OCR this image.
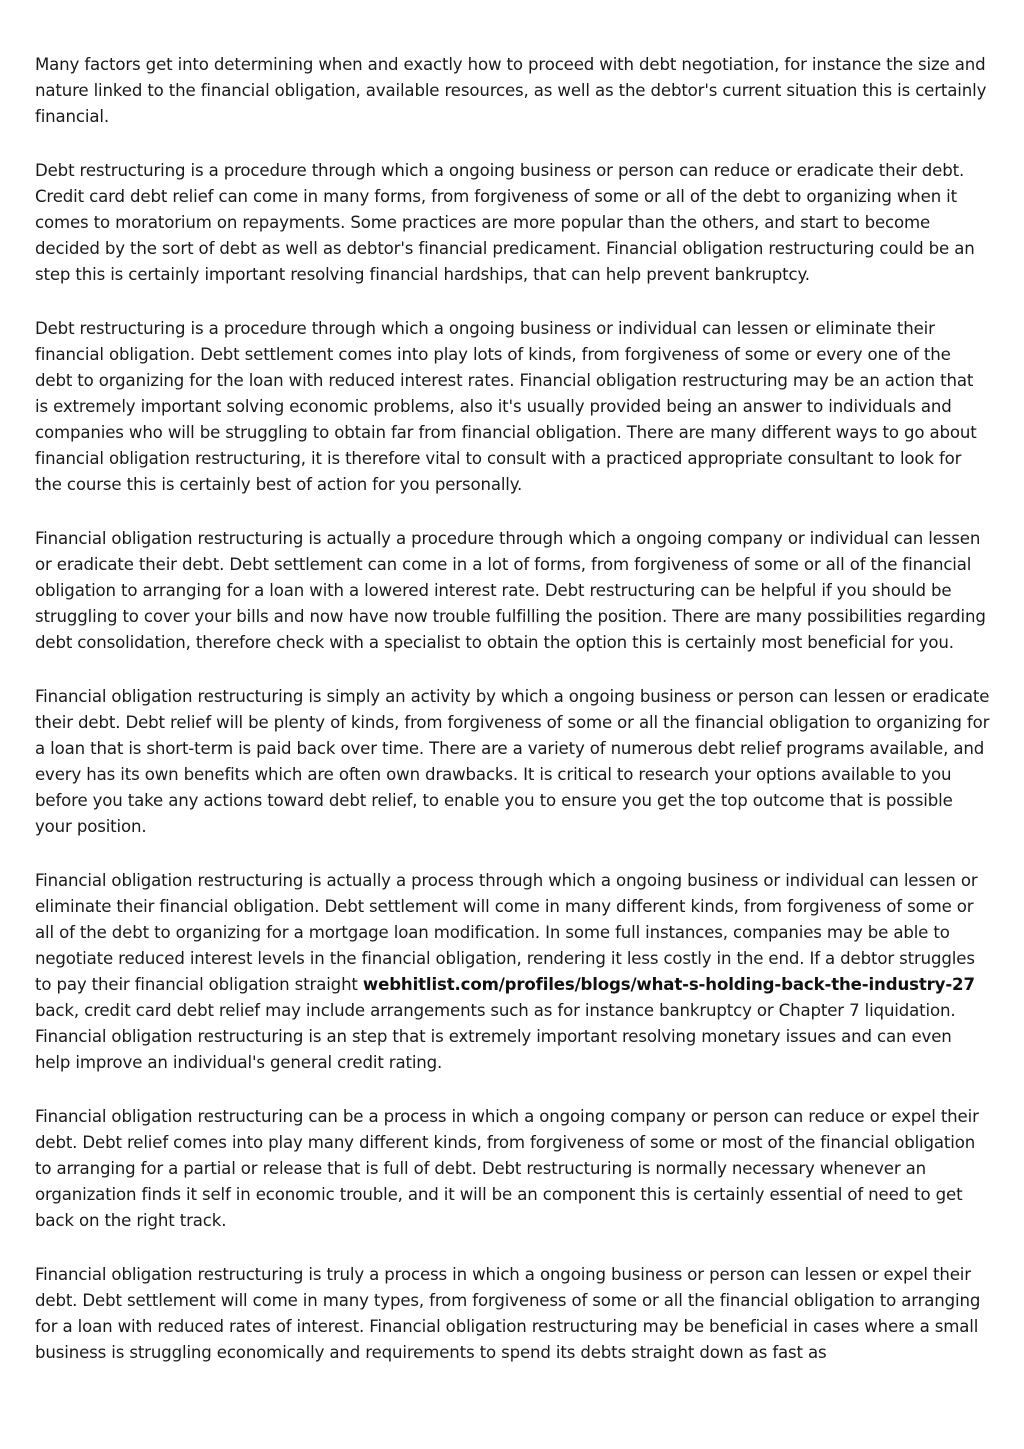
Many factors get into determining when and exactly how to proceed with debt negotiation, for instance the size and nature linked to the financial obligation, available resources, as well as the debtor's current situation this is certainly financial.

Debt restructuring is a procedure through which a ongoing business or person can reduce or eradicate their debt. Credit card debt relief can come in many forms, from forgiveness of some or all of the debt to organizing when it comes to moratorium on repayments. Some practices are more popular than the others, and start to become decided by the sort of debt as well as debtor's financial predicament. Financial obligation restructuring could be an step this is certainly important resolving financial hardships, that can help prevent bankruptcy.

Debt restructuring is a procedure through which a ongoing business or individual can lessen or eliminate their financial obligation. Debt settlement comes into play lots of kinds, from forgiveness of some or every one of the debt to organizing for the loan with reduced interest rates. Financial obligation restructuring may be an action that is extremely important solving economic problems, also it's usually provided being an answer to individuals and companies who will be struggling to obtain far from financial obligation. There are many different ways to go about financial obligation restructuring, it is therefore vital to consult with a practiced appropriate consultant to look for the course this is certainly best of action for you personally.

Financial obligation restructuring is actually a procedure through which a ongoing company or individual can lessen or eradicate their debt. Debt settlement can come in a lot of forms, from forgiveness of some or all of the financial obligation to arranging for a loan with a lowered interest rate. Debt restructuring can be helpful if you should be struggling to cover your bills and now have now trouble fulfilling the position. There are many possibilities regarding debt consolidation, therefore check with a specialist to obtain the option this is certainly most beneficial for you.

Financial obligation restructuring is simply an activity by which a ongoing business or person can lessen or eradicate their debt. Debt relief will be plenty of kinds, from forgiveness of some or all the financial obligation to organizing for a loan that is short-term is paid back over time. There are a variety of numerous debt relief programs available, and every has its own benefits which are often own drawbacks. It is critical to research your options available to you before you take any actions toward debt relief, to enable you to ensure you get the top outcome that is possible your position.

Financial obligation restructuring is actually a process through which a ongoing business or individual can lessen or eliminate their financial obligation. Debt settlement will come in many different kinds, from forgiveness of some or all of the debt to organizing for a mortgage loan modification. In some full instances, companies may be able to negotiate reduced interest levels in the financial obligation, rendering it less costly in the end. If a debtor struggles to pay their financial obligation straight webhitlist.com/profiles/blogs/what-s-holding-back-the-industry-27 back, credit card debt relief may include arrangements such as for instance bankruptcy or Chapter 7 liquidation. Financial obligation restructuring is an step that is extremely important resolving monetary issues and can even help improve an individual's general credit rating.

Financial obligation restructuring can be a process in which a ongoing company or person can reduce or expel their debt. Debt relief comes into play many different kinds, from forgiveness of some or most of the financial obligation to arranging for a partial or release that is full of debt. Debt restructuring is normally necessary whenever an organization finds it self in economic trouble, and it will be an component this is certainly essential of need to get back on the right track.

Financial obligation restructuring is truly a process in which a ongoing business or person can lessen or expel their debt. Debt settlement will come in many types, from forgiveness of some or all the financial obligation to arranging for a loan with reduced rates of interest. Financial obligation restructuring may be beneficial in cases where a small business is struggling economically and requirements to spend its debts straight down as fast as
